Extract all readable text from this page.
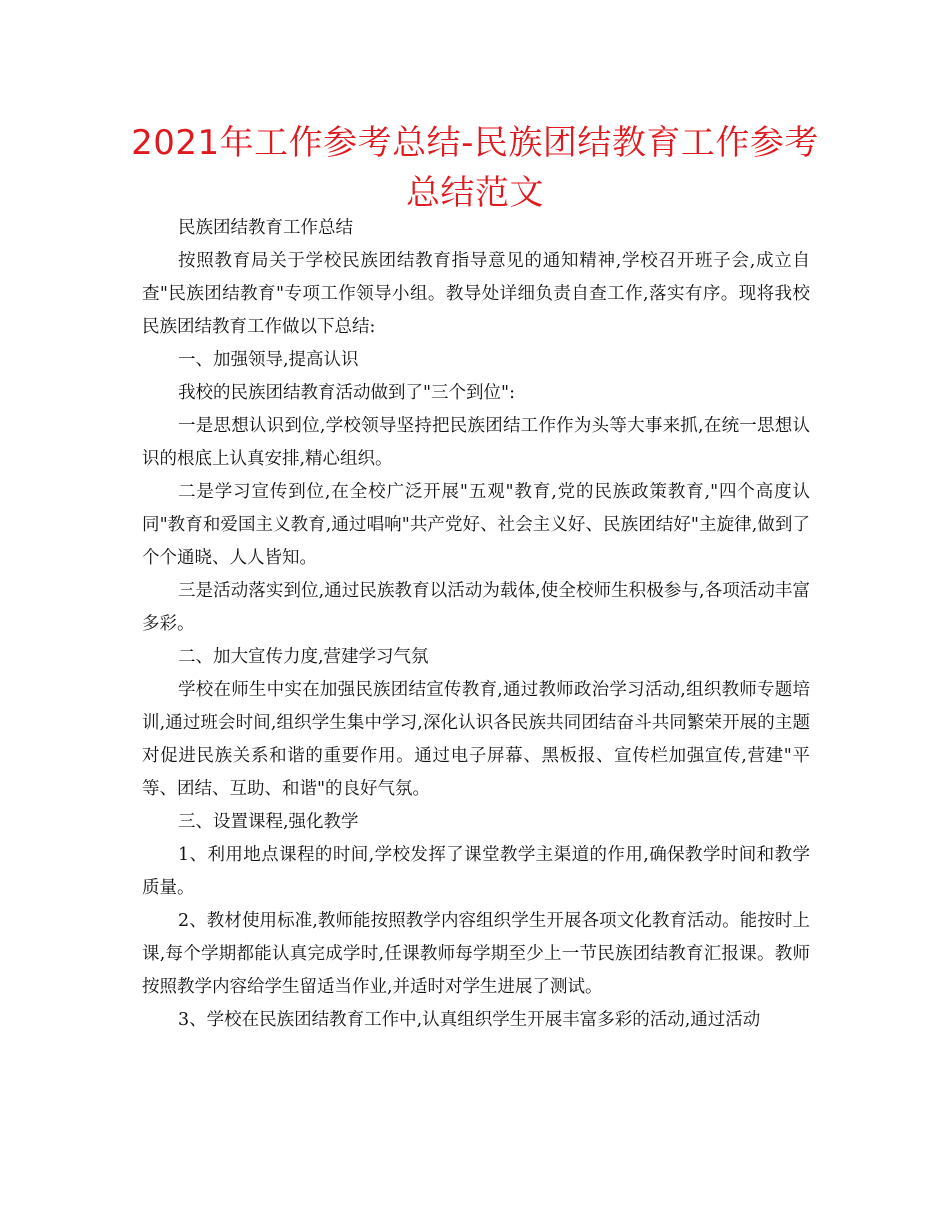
2021年工作参考总结-民族团结教育工作参考总结范文

民族团结教育工作总结

按照教育局关于学校民族团结教育指导意见的通知精神,学校召开班子会,成立自查"民族团结教育"专项工作领导小组。教导处详细负责自查工作,落实有序。现将我校民族团结教育工作做以下总结:

一、加强领导,提高认识

我校的民族团结教育活动做到了"三个到位":

一是思想认识到位,学校领导坚持把民族团结工作作为头等大事来抓,在统一思想认识的根底上认真安排,精心组织。

二是学习宣传到位,在全校广泛开展"五观"教育,党的民族政策教育,"四个高度认同"教育和爱国主义教育,通过唱响"共产党好、社会主义好、民族团结好"主旋律,做到了个个通晓、人人皆知。

三是活动落实到位,通过民族教育以活动为载体,使全校师生积极参与,各项活动丰富多彩。

二、加大宣传力度,营建学习气氛

学校在师生中实在加强民族团结宣传教育,通过教师政治学习活动,组织教师专题培训,通过班会时间,组织学生集中学习,深化认识各民族共同团结奋斗共同繁荣开展的主题对促进民族关系和谐的重要作用。通过电子屏幕、黑板报、宣传栏加强宣传,营建"平等、团结、互助、和谐"的良好气氛。

三、设置课程,强化教学

1、利用地点课程的时间,学校发挥了课堂教学主渠道的作用,确保教学时间和教学质量。

2、教材使用标准,教师能按照教学内容组织学生开展各项文化教育活动。能按时上课,每个学期都能认真完成学时,任课教师每学期至少上一节民族团结教育汇报课。教师按照教学内容给学生留适当作业,并适时对学生进展了测试。

3、学校在民族团结教育工作中,认真组织学生开展丰富多彩的活动,通过活动
